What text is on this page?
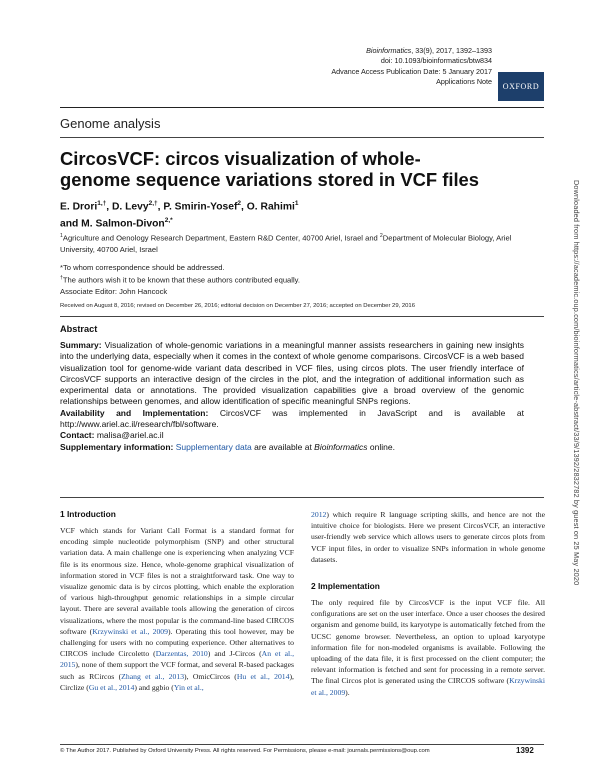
Bioinformatics, 33(9), 2017, 1392–1393
doi: 10.1093/bioinformatics/btw834
Advance Access Publication Date: 5 January 2017
Applications Note
OXFORD
Genome analysis
CircosVCF: circos visualization of whole-genome sequence variations stored in VCF files
E. Drori$^{1,\dagger}$, D. Levy$^{2,\dagger}$, P. Smirin-Yosef$^2$, O. Rahimi$^1$
and M. Salmon-Divon$^{2,*}$
$^1$Agriculture and Oenology Research Department, Eastern R&D Center, 40700 Ariel, Israel and $^2$Department of Molecular Biology, Ariel University, 40700 Ariel, Israel
*To whom correspondence should be addressed.
†The authors wish it to be known that these authors contributed equally.
Associate Editor: John Hancock
Received on August 8, 2016; revised on December 26, 2016; editorial decision on December 27, 2016; accepted on December 29, 2016
Abstract

Summary: Visualization of whole-genomic variations in a meaningful manner assists researchers in gaining new insights into the underlying data, especially when it comes in the context of whole genome comparisons. CircosVCF is a web based visualization tool for genome-wide variant data described in VCF files, using circos plots. The user friendly interface of CircosVCF supports an interactive design of the circles in the plot, and the integration of additional information such as experimental data or annotations. The provided visualization capabilities give a broad overview of the genomic relationships between genomes, and allow identification of specific meaningful SNPs regions.

Availability and Implementation: CircosVCF was implemented in JavaScript and is available at http://www.ariel.ac.il/research/fbl/software.

Contact: malisa@ariel.ac.il

Supplementary information: Supplementary data are available at Bioinformatics online.

1 Introduction

VCF which stands for Variant Call Format is a standard format for encoding simple nucleotide polymorphism (SNP) and other structural variation data. A main challenge one is experiencing when analyzing VCF file is its enormous size. Hence, whole-genome graphical visualization of information stored in VCF files is not a straightforward task. One way to visualize genomic data is by circos plotting, which enable the exploration of various high-throughput genomic relationships in a simple circular layout. There are several available tools allowing the generation of circos visualizations, where the most popular is the command-line based CIRCOS software (Krzywinski et al., 2009). Operating this tool however, may be challenging for users with no computing experience. Other alternatives to CIRCOS include Circoletto (Darzentas, 2010) and J-Circos (An et al., 2015), none of them support the VCF format, and several R-based packages such as RCircos (Zhang et al., 2013), OmicCircos (Hu et al., 2014), Circlize (Gu et al., 2014) and ggbio (Yin et al.,

2012) which require R language scripting skills, and hence are not the intuitive choice for biologists. Here we present CircosVCF, an interactive user-friendly web service which allows users to generate circos plots from VCF input files, in order to visualize SNPs information in whole genome datasets.

2 Implementation

The only required file by CircosVCF is the input VCF file. All configurations are set on the user interface. Once a user chooses the desired organism and genome build, its karyotype is automatically fetched from the UCSC genome browser. Nevertheless, an option to upload karyotype information file for non-modeled organisms is available. Following the uploading of the data file, it is first processed on the client computer; the relevant information is fetched and sent for processing in a remote server. The final Circos plot is generated using the CIRCOS software (Krzywinski et al., 2009).

© The Author 2017. Published by Oxford University Press. All rights reserved. For Permissions, please e-mail: journals.permissions@oup.com	1392
Downloaded from https://academic.oup.com/bioinformatics/article-abstract/33/9/1392/2832782 by guest on 25 May 2020
